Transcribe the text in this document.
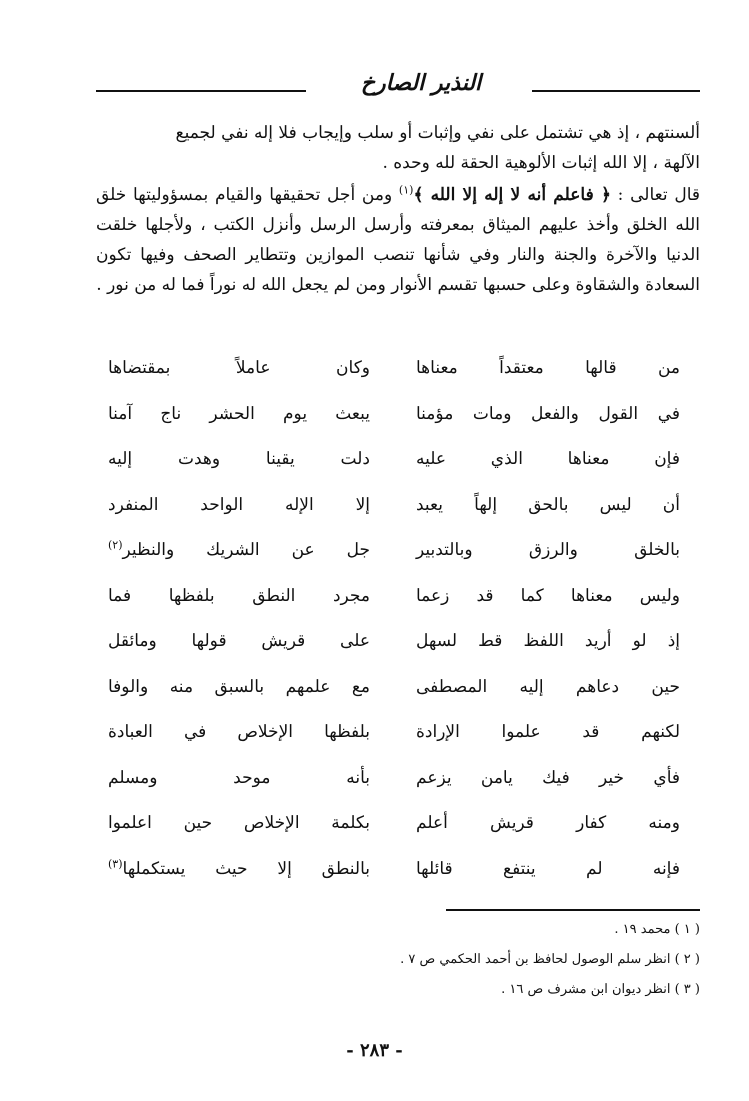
النذير الصارخ

ألسنتهم ، إذ هي تشتمل على نفي وإثبات أو سلب وإيجاب فلا إله نفي لجميع
الآلهة ، إلا الله إثبات الألوهية الحقة لله وحده .

قال تعالى : ﴿ فاعلم أنه لا إله إلا الله ﴾$^{(١)}$ ومن أجل تحقيقها والقيام بمسؤوليتها خلق الله الخلق وأخذ عليهم الميثاق بمعرفته وأرسل الرسل وأنزل الكتب ، ولأجلها خلقت الدنيا والآخرة والجنة والنار وفي شأنها تنصب الموازين وتتطاير الصحف وفيها تكون السعادة والشقاوة وعلى حسبها تقسم الأنوار ومن لم يجعل الله له نوراً فما له من نور .

من قالها معتقداً معناها
وكان عاملاً بمقتضاها
في القول والفعل ومات مؤمنا
يبعث يوم الحشر ناج آمنا
فإن معناها الذي عليه
دلت يقينا وهدت إليه
أن ليس بالحق إلهاً يعبد
إلا الإله الواحد المنفرد
بالخلق والرزق وبالتدبير
جل عن الشريك والنظير$^{(٢)}$
وليس معناها كما قد زعما
مجرد النطق بلفظها فما
إذ لو أريد اللفظ قط لسهل
على قريش قولها ومائقل
حين دعاهم إليه المصطفى
مع علمهم بالسبق منه والوفا
لكنهم قد علموا الإرادة
بلفظها الإخلاص في العبادة
فأي خير فيك يامن يزعم
بأنه موحد ومسلم
ومنه كفار قريش أعلم
بكلمة الإخلاص حين اعلموا
فإنه لم ينتفع قائلها
بالنطق إلا حيث يستكملها$^{(٣)}$
( ١ ) محمد ١٩ .
( ٢ ) انظر سلم الوصول لحافظ بن أحمد الحكمي ص ٧ .
( ٣ ) انظر ديوان ابن مشرف ص ١٦ .
- ٢٨٣ -
